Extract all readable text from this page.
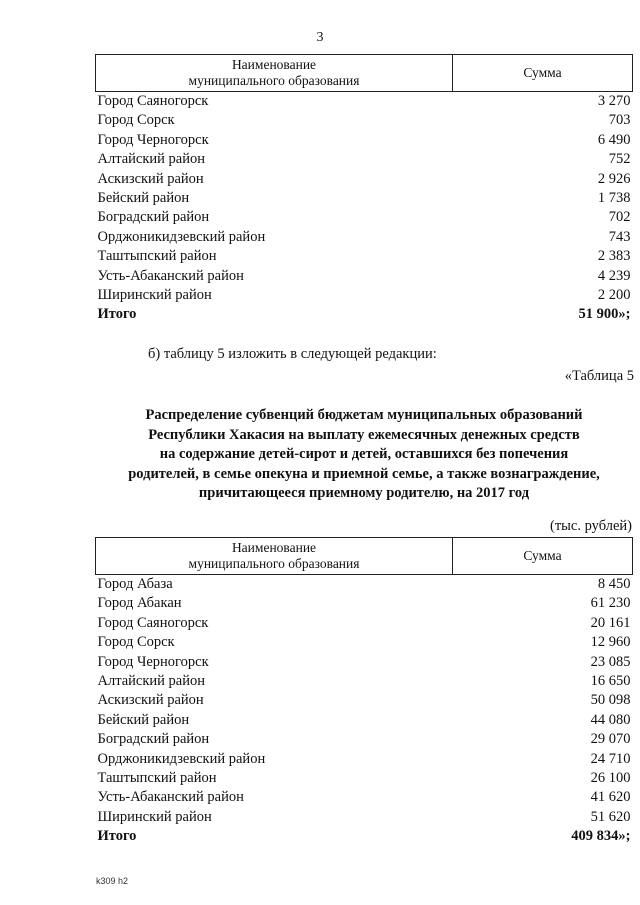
3
Наименование
муниципального образования	Сумма
Город Саяногорск	3 270
Город Сорск	703
Город Черногорск	6 490
Алтайский район	752
Аскизский район	2 926
Бейский район	1 738
Боградский район	702
Орджоникидзевский район	743
Таштыпский район	2 383
Усть-Абаканский район	4 239
Ширинский район	2 200
Итого	51 900»;
б) таблицу 5 изложить в следующей редакции:
«Таблица 5
Распределение субвенций бюджетам муниципальных образований
Республики Хакасия на выплату ежемесячных денежных средств
на содержание детей-сирот и детей, оставшихся без попечения
родителей, в семье опекуна и приемной семье, а также вознаграждение,
причитающееся приемному родителю, на 2017 год
(тыс. рублей)
Наименование
муниципального образования	Сумма
Город Абаза	8 450
Город Абакан	61 230
Город Саяногорск	20 161
Город Сорск	12 960
Город Черногорск	23 085
Алтайский район	16 650
Аскизский район	50 098
Бейский район	44 080
Боградский район	29 070
Орджоникидзевский район	24 710
Таштыпский район	26 100
Усть-Абаканский район	41 620
Ширинский район	51 620
Итого	409 834»;
k309 h2
